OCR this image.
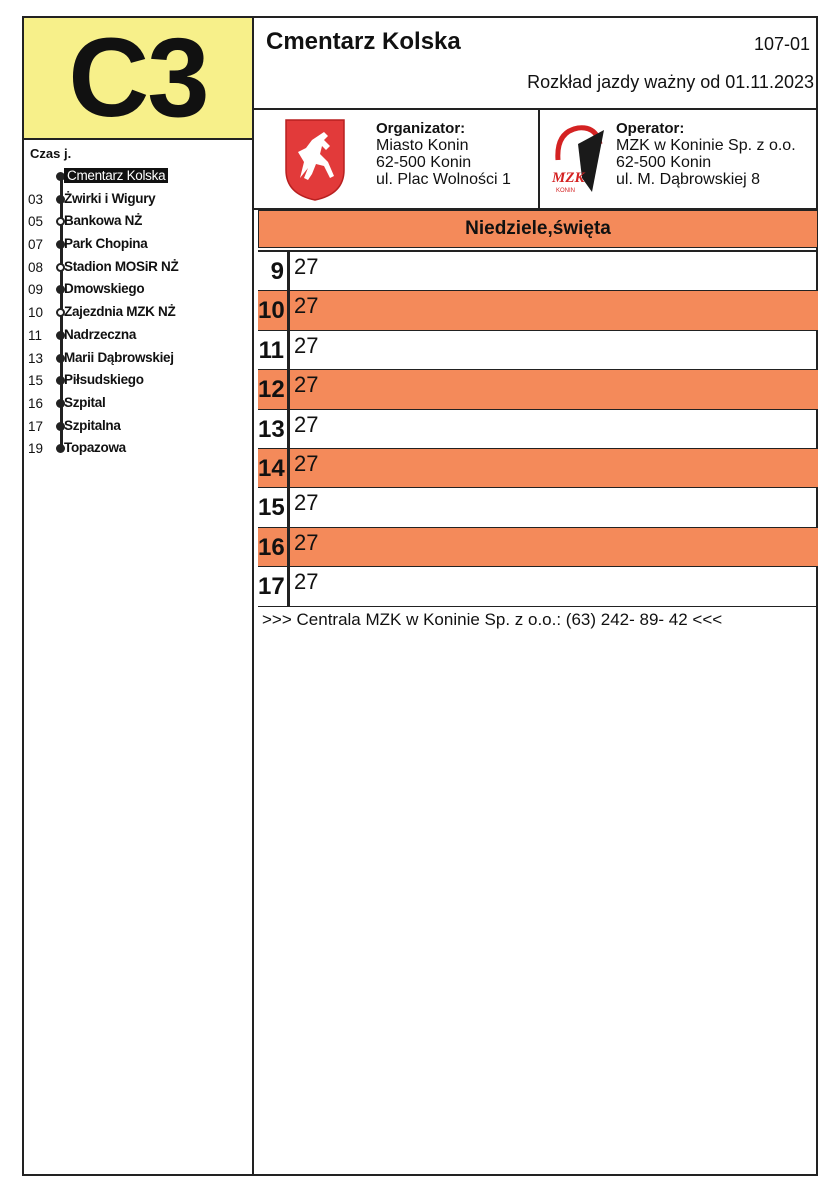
C3 Cmentarz Kolska	107-01
Rozkład jazdy ważny od 01.11.2023
Organizator:
Miasto Konin
62-500 Konin
ul. Plac Wolności 1	MZK
KONIN
Operator:
MZK w Koninie Sp. z o.o.
62-500 Konin
ul. M. Dąbrowskiej 8
Niedziele,święta
9 27
10 27
11 27
12 27
13 27
14 27
15 27
16 27
17 27
>>> Centrala MZK w Koninie Sp. z o.o.: (63) 242- 89- 42 <<<
Czas j.
Cmentarz Kolska
03	Żwirki i Wigury
05	Bankowa NŻ
07	Park Chopina
08	Stadion MOSiR NŻ
09	Dmowskiego
10	Zajezdnia MZK NŻ
11	Nadrzeczna
13	Marii Dąbrowskiej
15	Piłsudskiego
16	Szpital
17	Szpitalna
19	Topazowa
